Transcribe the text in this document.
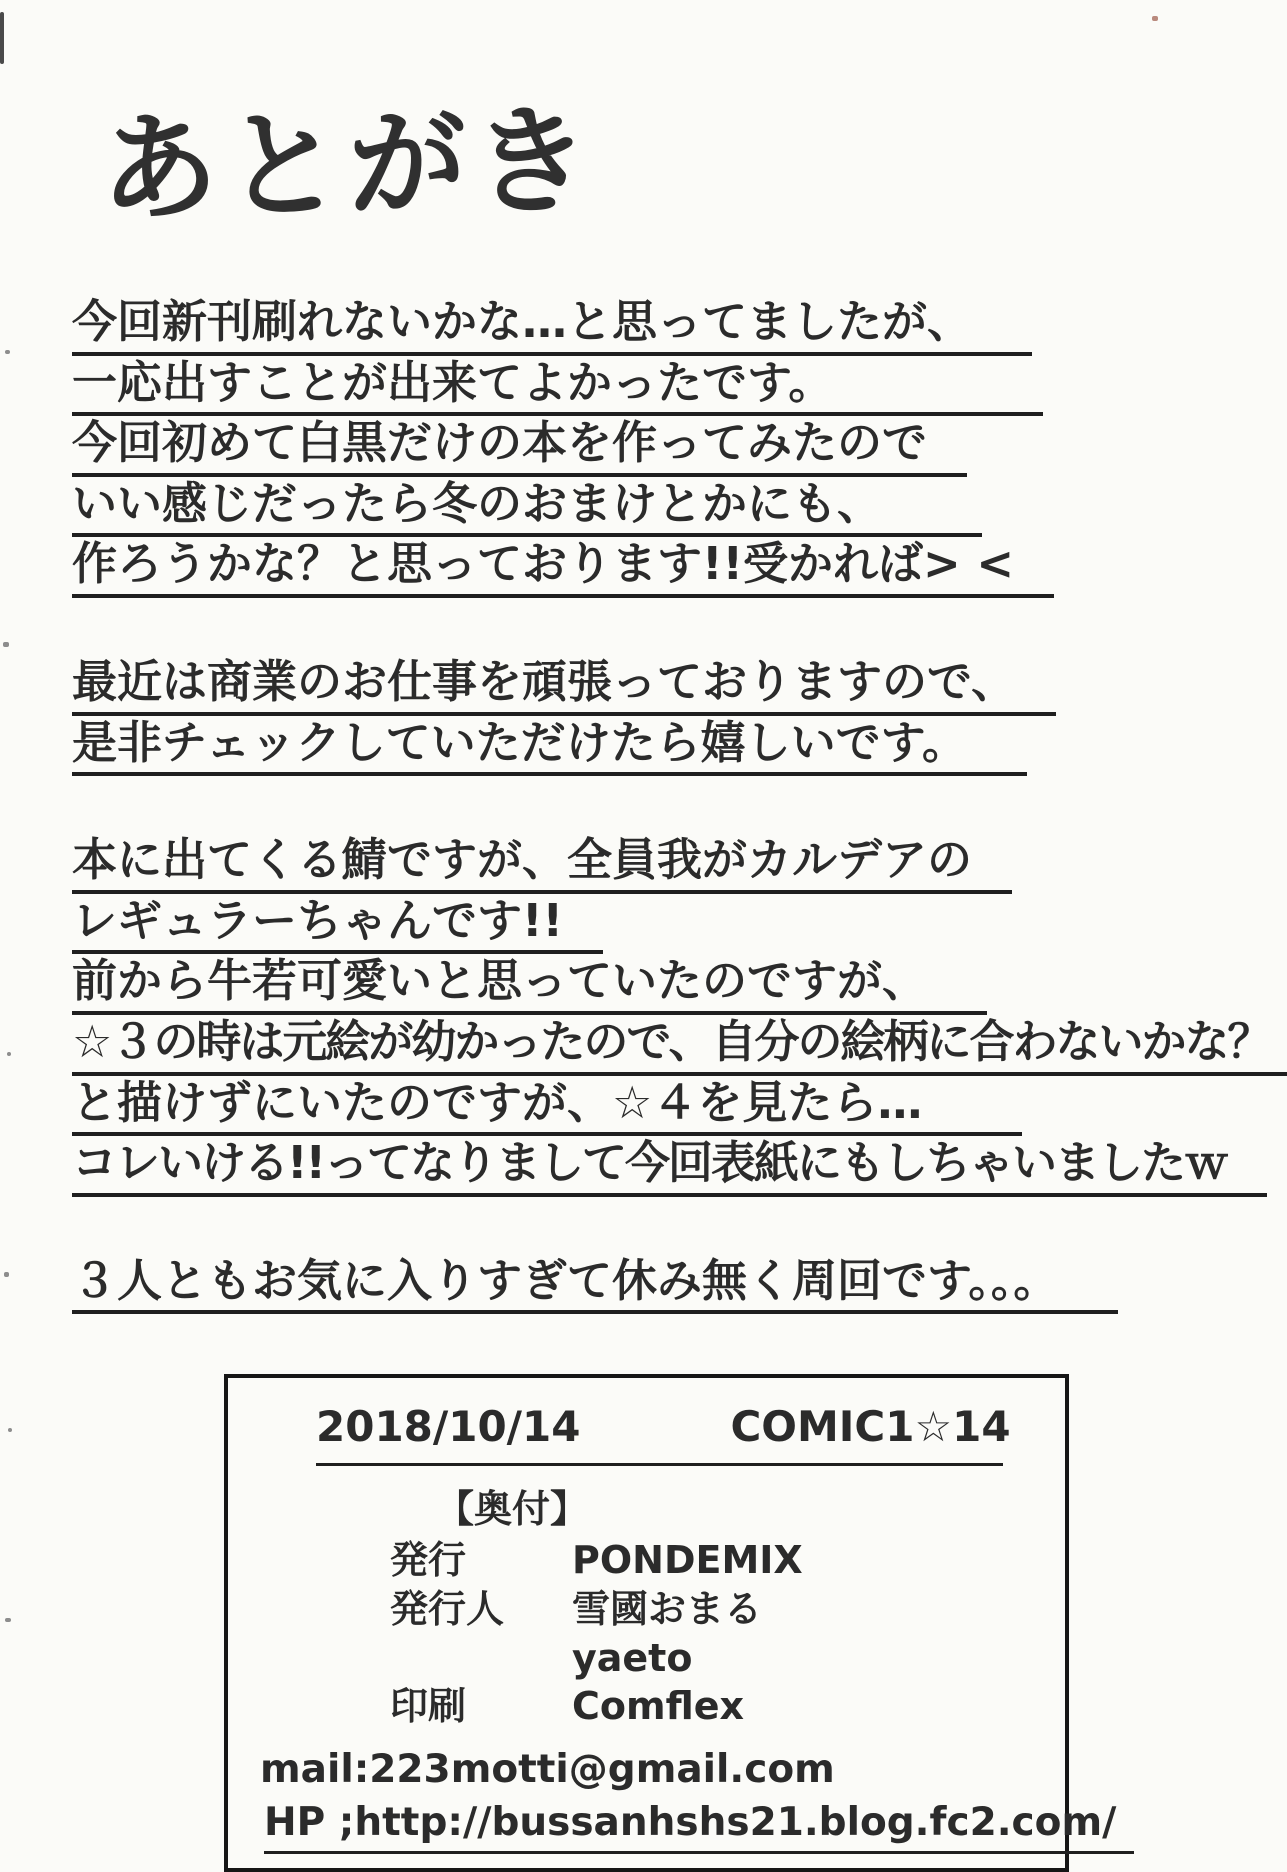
あとがき
今回新刊刷れないかな…と思ってましたが、
一応出すことが出来てよかったです。
今回初めて白黒だけの本を作ってみたので
いい感じだったら冬のおまけとかにも、
作ろうかな？と思っております!!受かれば> <
最近は商業のお仕事を頑張っておりますので、
是非チェックしていただけたら嬉しいです。
本に出てくる鯖ですが、全員我がカルデアの
レギュラーちゃんです!!
前から牛若可愛いと思っていたのですが、
☆３の時は元絵が幼かったので、自分の絵柄に合わないかな？
と描けずにいたのですが、☆４を見たら…
コレいける!!ってなりまして今回表紙にもしちゃいましたｗ
３人ともお気に入りすぎて休み無く周回です。。。
2018/10/14	COMIC1☆14
【奥付】
発行	PONDEMIX
発行人	雪國おまる
yaeto
印刷	Comflex
mail:223motti@gmail.com
HP ;http://bussanhshs21.blog.fc2.com/
